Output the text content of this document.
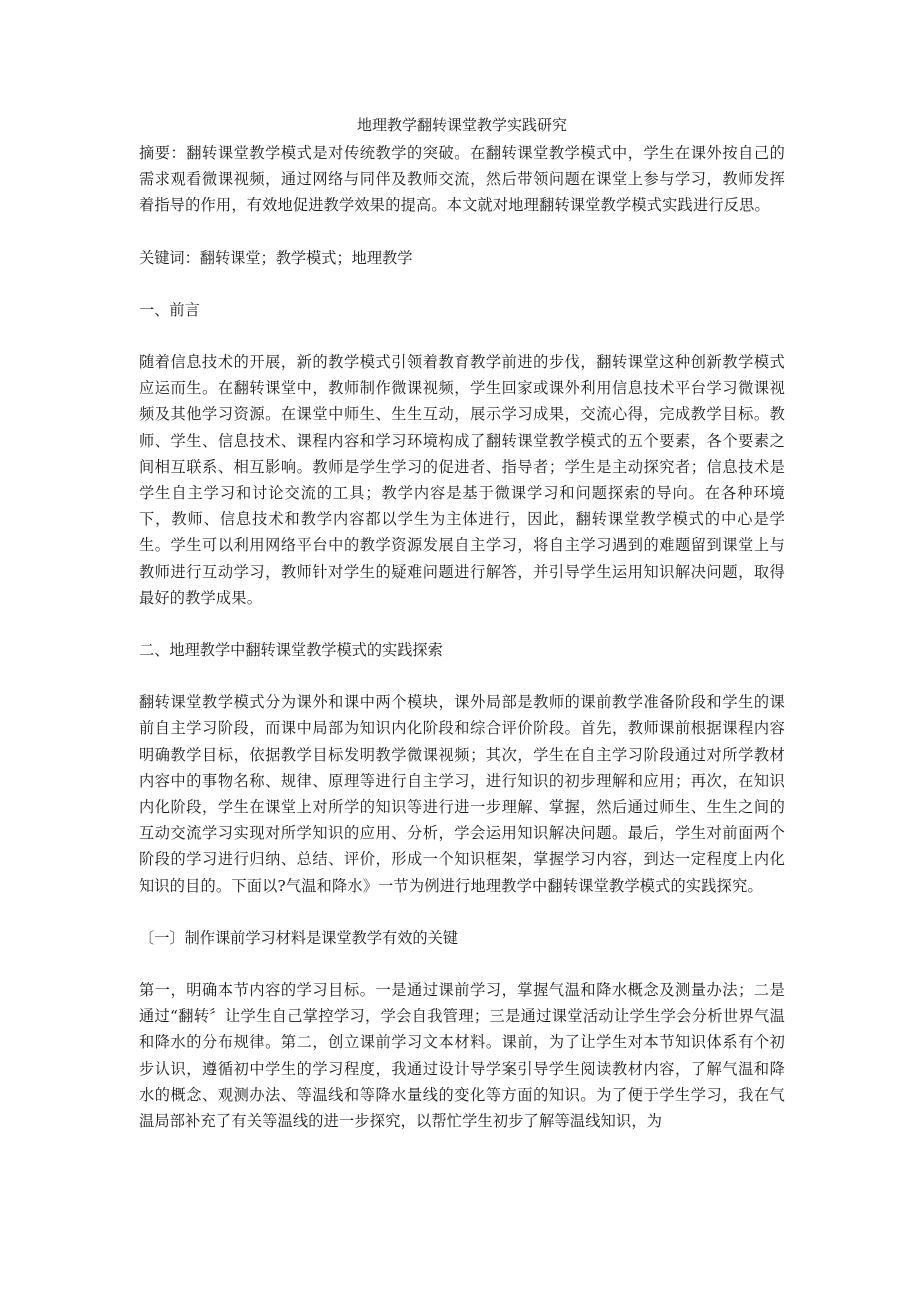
地理教学翻转课堂教学实践研究

摘要：翻转课堂教学模式是对传统教学的突破。在翻转课堂教学模式中，学生在课外按自己的需求观看微课视频，通过网络与同伴及教师交流，然后带领问题在课堂上参与学习，教师发挥着指导的作用，有效地促进教学效果的提高。本文就对地理翻转课堂教学模式实践进行反思。

关键词：翻转课堂；教学模式；地理教学

一、前言

随着信息技术的开展，新的教学模式引领着教育教学前进的步伐，翻转课堂这种创新教学模式应运而生。在翻转课堂中，教师制作微课视频，学生回家或课外利用信息技术平台学习微课视频及其他学习资源。在课堂中师生、生生互动，展示学习成果，交流心得，完成教学目标。教师、学生、信息技术、课程内容和学习环境构成了翻转课堂教学模式的五个要素，各个要素之间相互联系、相互影响。教师是学生学习的促进者、指导者；学生是主动探究者；信息技术是学生自主学习和讨论交流的工具；教学内容是基于微课学习和问题探索的导向。在各种环境下，教师、信息技术和教学内容都以学生为主体进行，因此，翻转课堂教学模式的中心是学生。学生可以利用网络平台中的教学资源发展自主学习，将自主学习遇到的难题留到课堂上与教师进行互动学习，教师针对学生的疑难问题进行解答，并引导学生运用知识解决问题，取得最好的教学成果。

二、地理教学中翻转课堂教学模式的实践探索

翻转课堂教学模式分为课外和课中两个模块，课外局部是教师的课前教学准备阶段和学生的课前自主学习阶段，而课中局部为知识内化阶段和综合评价阶段。首先，教师课前根据课程内容明确教学目标，依据教学目标发明教学微课视频；其次，学生在自主学习阶段通过对所学教材内容中的事物名称、规律、原理等进行自主学习，进行知识的初步理解和应用；再次，在知识内化阶段，学生在课堂上对所学的知识等进行进一步理解、掌握，然后通过师生、生生之间的互动交流学习实现对所学知识的应用、分析，学会运用知识解决问题。最后，学生对前面两个阶段的学习进行归纳、总结、评价，形成一个知识框架，掌握学习内容，到达一定程度上内化知识的目的。下面以?气温和降水》一节为例进行地理教学中翻转课堂教学模式的实践探究。

〔一〕制作课前学习材料是课堂教学有效的关键

第一，明确本节内容的学习目标。一是通过课前学习，掌握气温和降水概念及测量办法；二是通过“翻转〞让学生自己掌控学习，学会自我管理；三是通过课堂活动让学生学会分析世界气温和降水的分布规律。第二，创立课前学习文本材料。课前，为了让学生对本节知识体系有个初步认识，遵循初中学生的学习程度，我通过设计导学案引导学生阅读教材内容，了解气温和降水的概念、观测办法、等温线和等降水量线的变化等方面的知识。为了便于学生学习，我在气温局部补充了有关等温线的进一步探究，以帮忙学生初步了解等温线知识，为
